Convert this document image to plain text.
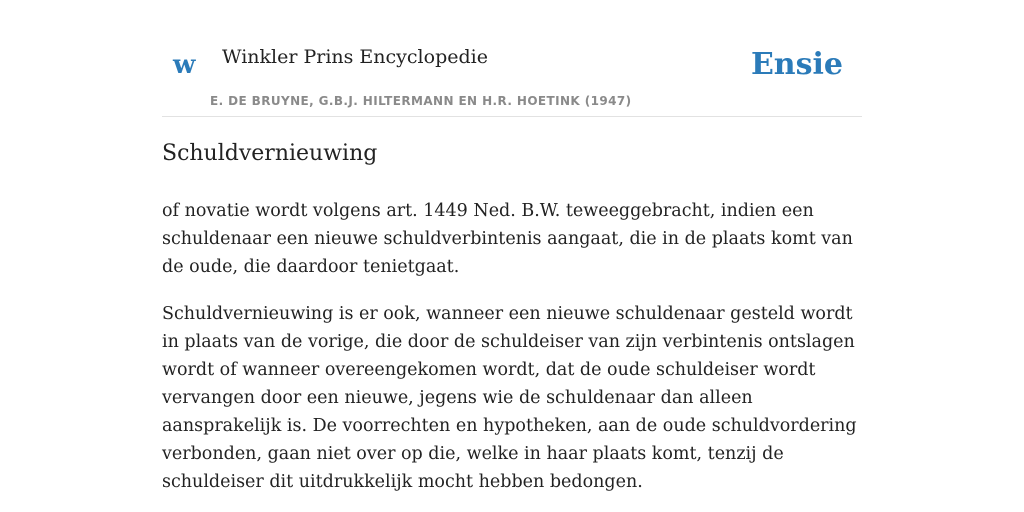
w Winkler Prins Encyclopedie
E. DE BRUYNE, G.B.J. HILTERMANN EN H.R. HOETINK (1947)
Ensie
Schuldvernieuwing

of novatie wordt volgens art. 1449 Ned. B.W. teweeggebracht, indien een schuldenaar een nieuwe schuldverbintenis aangaat, die in de plaats komt van de oude, die daardoor tenietgaat.

Schuldvernieuwing is er ook, wanneer een nieuwe schuldenaar gesteld wordt in plaats van de vorige, die door de schuldeiser van zijn verbintenis ontslagen wordt of wanneer overeengekomen wordt, dat de oude schuldeiser wordt vervangen door een nieuwe, jegens wie de schuldenaar dan alleen aansprakelijk is. De voorrechten en hypotheken, aan de oude schuldvordering verbonden, gaan niet over op die, welke in haar plaats komt, tenzij de schuldeiser dit uitdrukkelijk mocht hebben bedongen.
